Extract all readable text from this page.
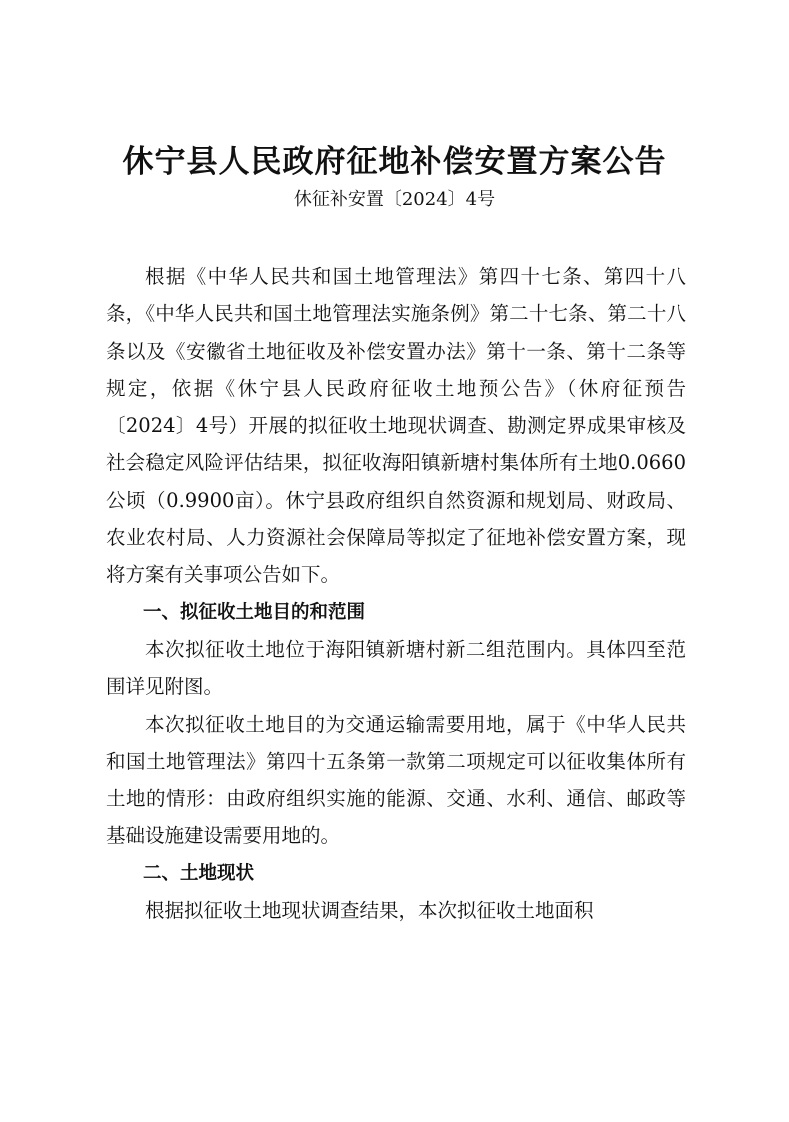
休宁县人民政府征地补偿安置方案公告
休征补安置〔2024〕4号

根据《中华人民共和国土地管理法》第四十七条、第四十八条，《中华人民共和国土地管理法实施条例》第二十七条、第二十八条以及《安徽省土地征收及补偿安置办法》第十一条、第十二条等规定，依据《休宁县人民政府征收土地预公告》（休府征预告〔2024〕4号）开展的拟征收土地现状调查、勘测定界成果审核及社会稳定风险评估结果，拟征收海阳镇新塘村集体所有土地0.0660公顷（0.9900亩）。休宁县政府组织自然资源和规划局、财政局、农业农村局、人力资源社会保障局等拟定了征地补偿安置方案，现将方案有关事项公告如下。

一、拟征收土地目的和范围

本次拟征收土地位于海阳镇新塘村新二组范围内。具体四至范围详见附图。

本次拟征收土地目的为交通运输需要用地，属于《中华人民共和国土地管理法》第四十五条第一款第二项规定可以征收集体所有土地的情形：由政府组织实施的能源、交通、水利、通信、邮政等基础设施建设需要用地的。

二、土地现状

根据拟征收土地现状调查结果，本次拟征收土地面积
